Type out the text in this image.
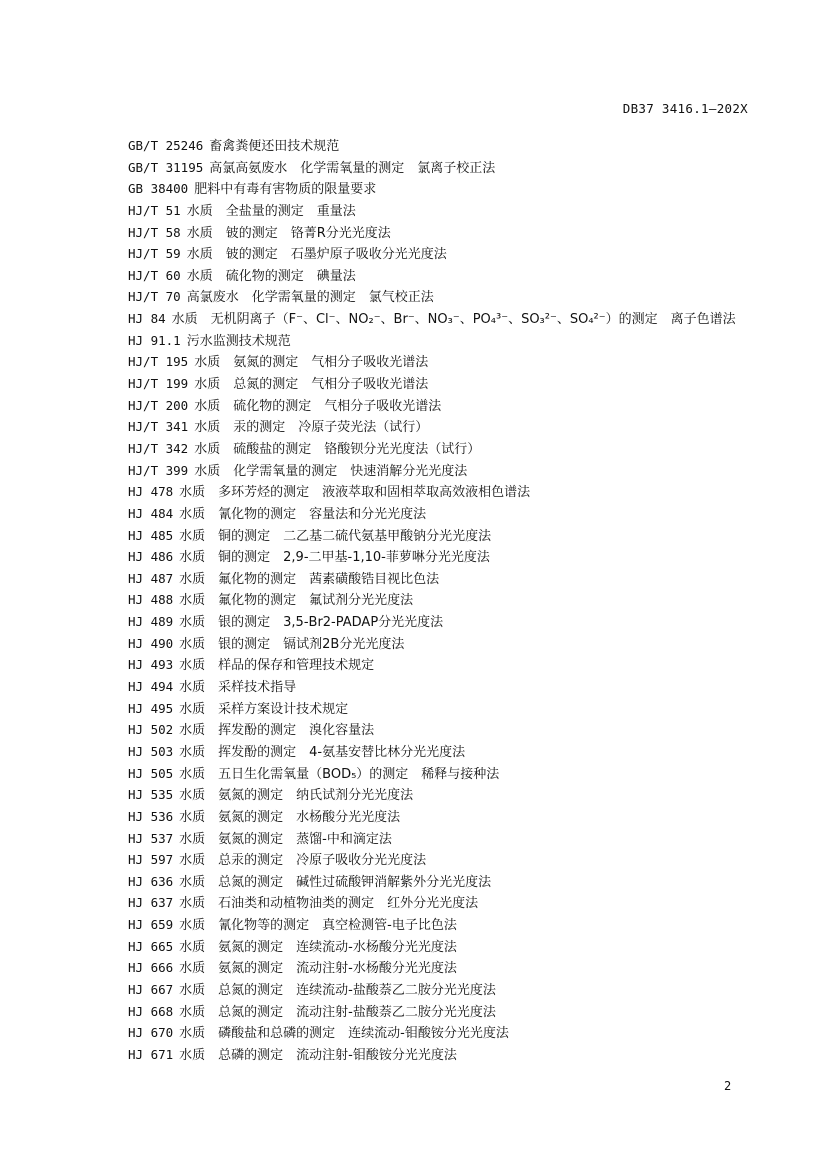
DB37 3416.1—202X
GB/T 25246 畜禽粪便还田技术规范
GB/T 31195 高氯高氨废水　化学需氧量的测定　氯离子校正法
GB 38400 肥料中有毒有害物质的限量要求
HJ/T 51 水质　全盐量的测定　重量法
HJ/T 58 水质　铍的测定　铬菁R分光光度法
HJ/T 59 水质　铍的测定　石墨炉原子吸收分光光度法
HJ/T 60 水质　硫化物的测定　碘量法
HJ/T 70 高氯废水　化学需氧量的测定　氯气校正法
HJ 84 水质　无机阴离子（F⁻、Cl⁻、NO₂⁻、Br⁻、NO₃⁻、PO₄³⁻、SO₃²⁻、SO₄²⁻）的测定　离子色谱法
HJ 91.1 污水监测技术规范
HJ/T 195 水质　氨氮的测定　气相分子吸收光谱法
HJ/T 199 水质　总氮的测定　气相分子吸收光谱法
HJ/T 200 水质　硫化物的测定　气相分子吸收光谱法
HJ/T 341 水质　汞的测定　冷原子荧光法（试行）
HJ/T 342 水质　硫酸盐的测定　铬酸钡分光光度法（试行）
HJ/T 399 水质　化学需氧量的测定　快速消解分光光度法
HJ 478 水质　多环芳烃的测定　液液萃取和固相萃取高效液相色谱法
HJ 484 水质　氰化物的测定　容量法和分光光度法
HJ 485 水质　铜的测定　二乙基二硫代氨基甲酸钠分光光度法
HJ 486 水质　铜的测定　2,9-二甲基-1,10-菲萝啉分光光度法
HJ 487 水质　氟化物的测定　茜素磺酸锆目视比色法
HJ 488 水质　氟化物的测定　氟试剂分光光度法
HJ 489 水质　银的测定　3,5-Br2-PADAP分光光度法
HJ 490 水质　银的测定　镉试剂2B分光光度法
HJ 493 水质　样品的保存和管理技术规定
HJ 494 水质　采样技术指导
HJ 495 水质　采样方案设计技术规定
HJ 502 水质　挥发酚的测定　溴化容量法
HJ 503 水质　挥发酚的测定　4-氨基安替比林分光光度法
HJ 505 水质　五日生化需氧量（BOD₅）的测定　稀释与接种法
HJ 535 水质　氨氮的测定　纳氏试剂分光光度法
HJ 536 水质　氨氮的测定　水杨酸分光光度法
HJ 537 水质　氨氮的测定　蒸馏-中和滴定法
HJ 597 水质　总汞的测定　冷原子吸收分光光度法
HJ 636 水质　总氮的测定　碱性过硫酸钾消解紫外分光光度法
HJ 637 水质　石油类和动植物油类的测定　红外分光光度法
HJ 659 水质　氰化物等的测定　真空检测管-电子比色法
HJ 665 水质　氨氮的测定　连续流动-水杨酸分光光度法
HJ 666 水质　氨氮的测定　流动注射-水杨酸分光光度法
HJ 667 水质　总氮的测定　连续流动-盐酸萘乙二胺分光光度法
HJ 668 水质　总氮的测定　流动注射-盐酸萘乙二胺分光光度法
HJ 670 水质　磷酸盐和总磷的测定　连续流动-钼酸铵分光光度法
HJ 671 水质　总磷的测定　流动注射-钼酸铵分光光度法
2
